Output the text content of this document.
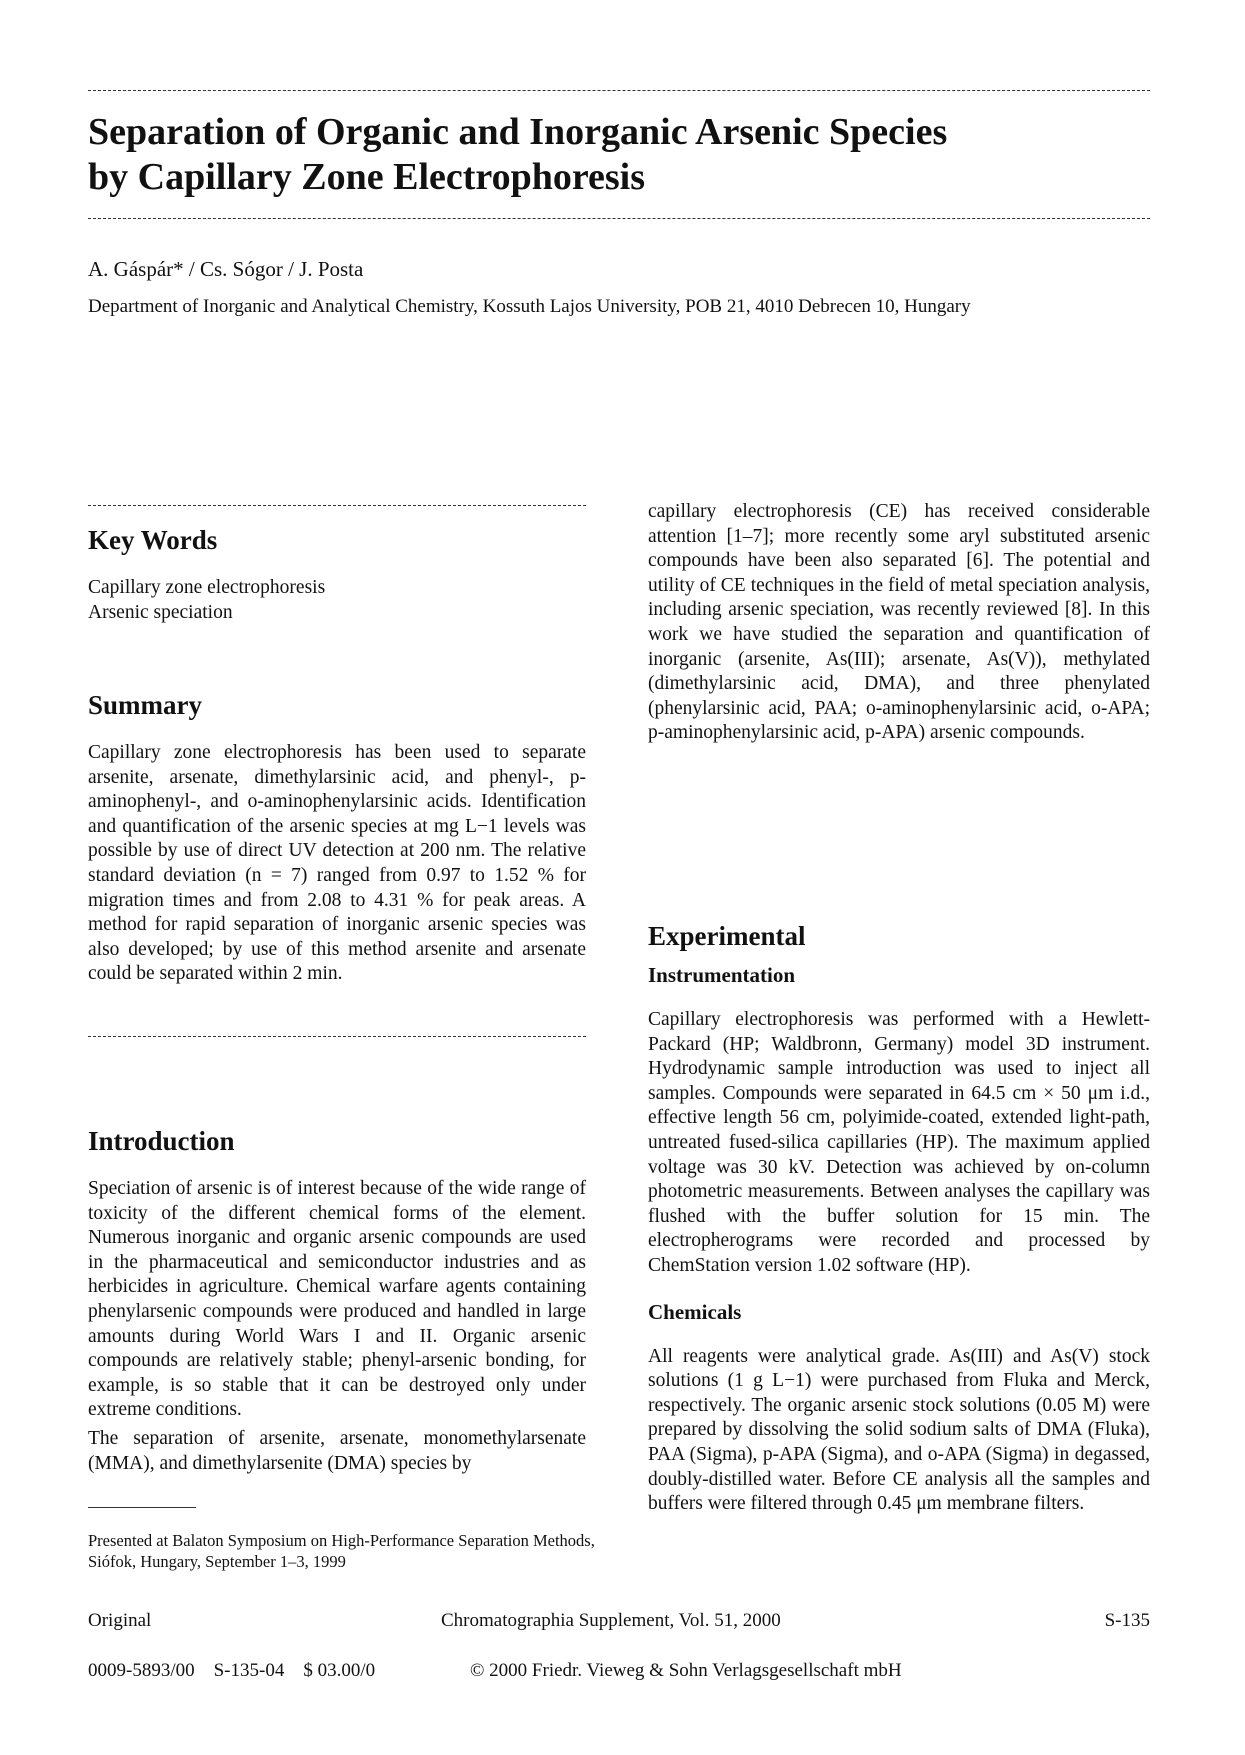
Separation of Organic and Inorganic Arsenic Species
by Capillary Zone Electrophoresis
A. Gáspár* / Cs. Sógor / J. Posta
Department of Inorganic and Analytical Chemistry, Kossuth Lajos University, POB 21, 4010 Debrecen 10, Hungary
Key Words
Capillary zone electrophoresis
Arsenic speciation
Summary

Capillary zone electrophoresis has been used to separate arsenite, arsenate, dimethylarsinic acid, and phenyl-, p-aminophenyl-, and o-aminophenylarsinic acids. Identification and quantification of the arsenic species at mg L−1 levels was possible by use of direct UV detection at 200 nm. The relative standard deviation (n = 7) ranged from 0.97 to 1.52 % for migration times and from 2.08 to 4.31 % for peak areas. A method for rapid separation of inorganic arsenic species was also developed; by use of this method arsenite and arsenate could be separated within 2 min.

Introduction

Speciation of arsenic is of interest because of the wide range of toxicity of the different chemical forms of the element. Numerous inorganic and organic arsenic compounds are used in the pharmaceutical and semiconductor industries and as herbicides in agriculture. Chemical warfare agents containing phenylarsenic compounds were produced and handled in large amounts during World Wars I and II. Organic arsenic compounds are relatively stable; phenyl-arsenic bonding, for example, is so stable that it can be destroyed only under extreme conditions.

The separation of arsenite, arsenate, monomethylarsenate (MMA), and dimethylarsenite (DMA) species by

Presented at Balaton Symposium on High-Performance Separation Methods, Siófok, Hungary, September 1–3, 1999

capillary electrophoresis (CE) has received considerable attention [1–7]; more recently some aryl substituted arsenic compounds have been also separated [6]. The potential and utility of CE techniques in the field of metal speciation analysis, including arsenic speciation, was recently reviewed [8]. In this work we have studied the separation and quantification of inorganic (arsenite, As(III); arsenate, As(V)), methylated (dimethylarsinic acid, DMA), and three phenylated (phenylarsinic acid, PAA; o-aminophenylarsinic acid, o-APA; p-aminophenylarsinic acid, p-APA) arsenic compounds.

Experimental
Instrumentation

Capillary electrophoresis was performed with a Hewlett-Packard (HP; Waldbronn, Germany) model 3D instrument. Hydrodynamic sample introduction was used to inject all samples. Compounds were separated in 64.5 cm × 50 μm i.d., effective length 56 cm, polyimide-coated, extended light-path, untreated fused-silica capillaries (HP). The maximum applied voltage was 30 kV. Detection was achieved by on-column photometric measurements. Between analyses the capillary was flushed with the buffer solution for 15 min. The electropherograms were recorded and processed by ChemStation version 1.02 software (HP).

Chemicals

All reagents were analytical grade. As(III) and As(V) stock solutions (1 g L−1) were purchased from Fluka and Merck, respectively. The organic arsenic stock solutions (0.05 M) were prepared by dissolving the solid sodium salts of DMA (Fluka), PAA (Sigma), p-APA (Sigma), and o-APA (Sigma) in degassed, doubly-distilled water. Before CE analysis all the samples and buffers were filtered through 0.45 μm membrane filters.

Original	Chromatographia Supplement, Vol. 51, 2000	S-135
0009-5893/00    S-135-04    $ 03.00/0	© 2000 Friedr. Vieweg & Sohn Verlagsgesellschaft mbH
